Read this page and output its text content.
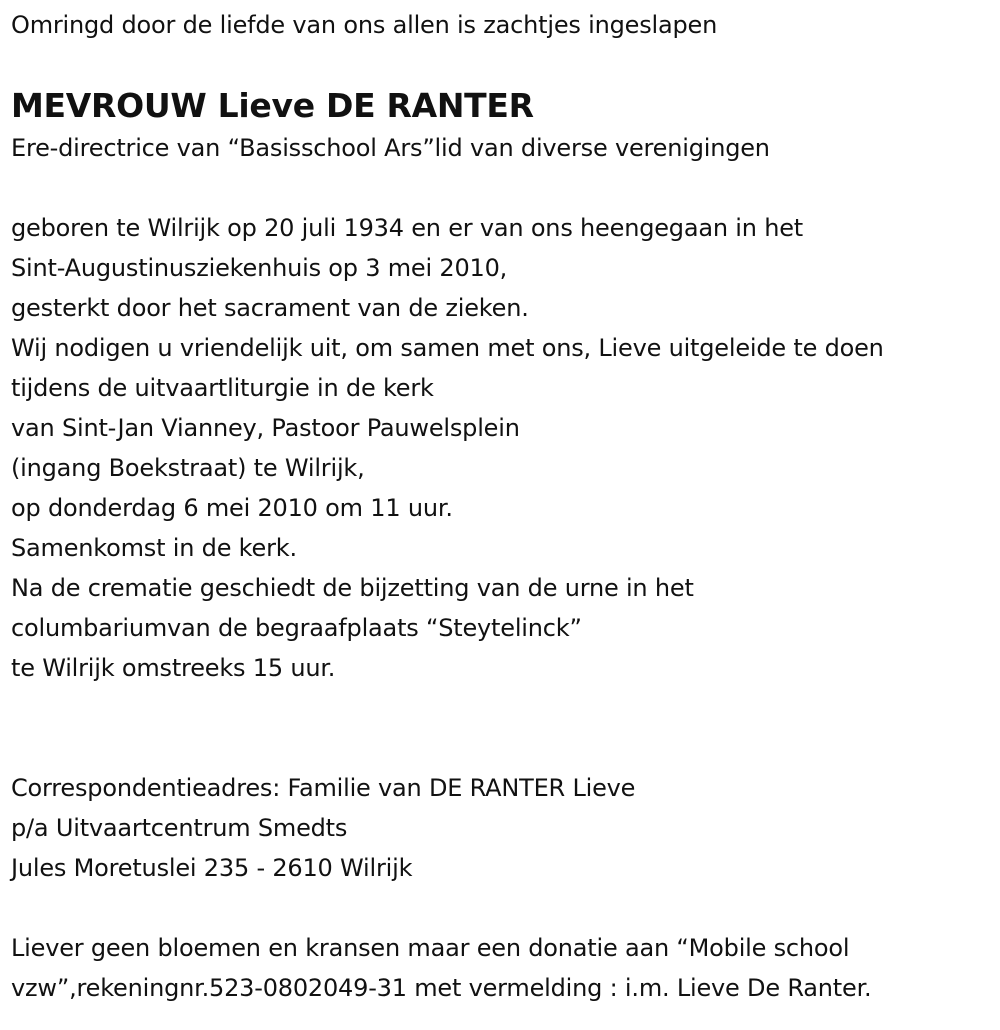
Omringd door de liefde van ons allen is zachtjes ingeslapen
MEVROUW Lieve DE RANTER
Ere-directrice van “Basisschool Ars”lid van diverse verenigingen
geboren te Wilrijk op 20 juli 1934 en er van ons heengegaan in het
Sint-Augustinusziekenhuis op 3 mei 2010,
gesterkt door het sacrament van de zieken.
Wij nodigen u vriendelijk uit, om samen met ons, Lieve uitgeleide te doen
tijdens de uitvaartliturgie in de kerk
van Sint-Jan Vianney, Pastoor Pauwelsplein
(ingang Boekstraat) te Wilrijk,
op donderdag 6 mei 2010 om 11 uur.
Samenkomst in de kerk.
Na de crematie geschiedt de bijzetting van de urne in het
columbariumvan de begraafplaats “Steytelinck”
te Wilrijk omstreeks 15 uur.
Correspondentieadres: Familie van DE RANTER Lieve
p/a Uitvaartcentrum Smedts
Jules Moretuslei 235 - 2610 Wilrijk
Liever geen bloemen en kransen maar een donatie aan “Mobile school
vzw”,rekeningnr.523-0802049-31 met vermelding : i.m. Lieve De Ranter.
